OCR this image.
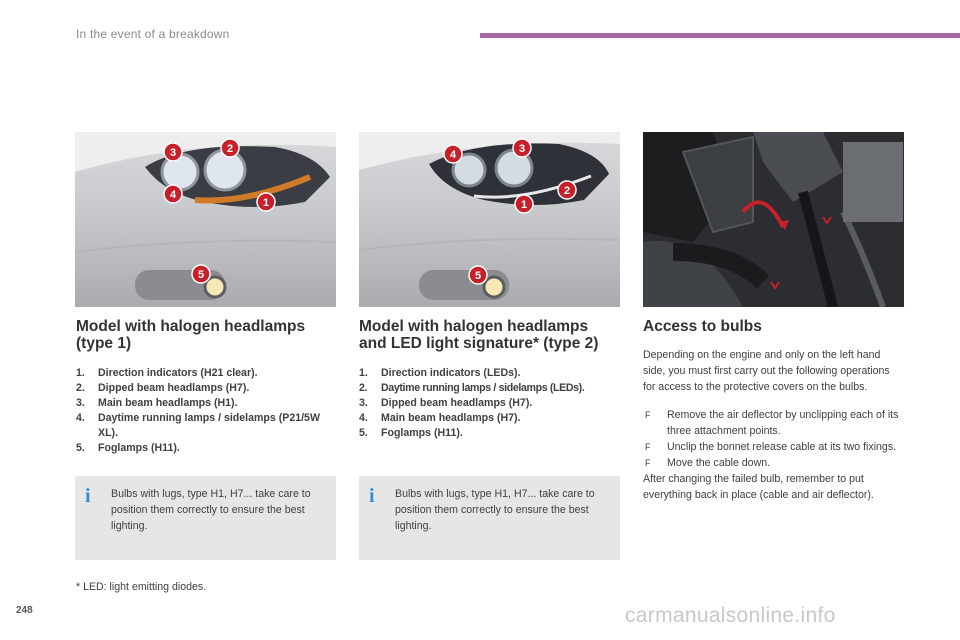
In the event of a breakdown
3	2
4
1
5
4	3
2
1
5
Model with halogen headlamps
(type 1)
1. Direction indicators (H21 clear).
2. Dipped beam headlamps (H7).
3. Main beam headlamps (H1).
4. Daytime running lamps / sidelamps (P21/5W XL).
5. Foglamps (H11).
i	Bulbs with lugs, type H1, H7... take care to position them correctly to ensure the best lighting.
Model with halogen headlamps
and LED light signature* (type 2)
1. Direction indicators (LEDs).
2. Daytime running lamps / sidelamps (LEDs).
3. Dipped beam headlamps (H7).
4. Main beam headlamps (H7).
5. Foglamps (H11).
i	Bulbs with lugs, type H1, H7... take care to position them correctly to ensure the best lighting.
Access to bulbs

Depending on the engine and only on the left hand side, you must first carry out the following operations for access to the protective covers on the bulbs.

F Remove the air deflector by unclipping each of its three attachment points.
F Unclip the bonnet release cable at its two fixings.
F Move the cable down.

After changing the failed bulb, remember to put everything back in place (cable and air deflector).

* LED: light emitting diodes.
248	carmanualsonline.info
